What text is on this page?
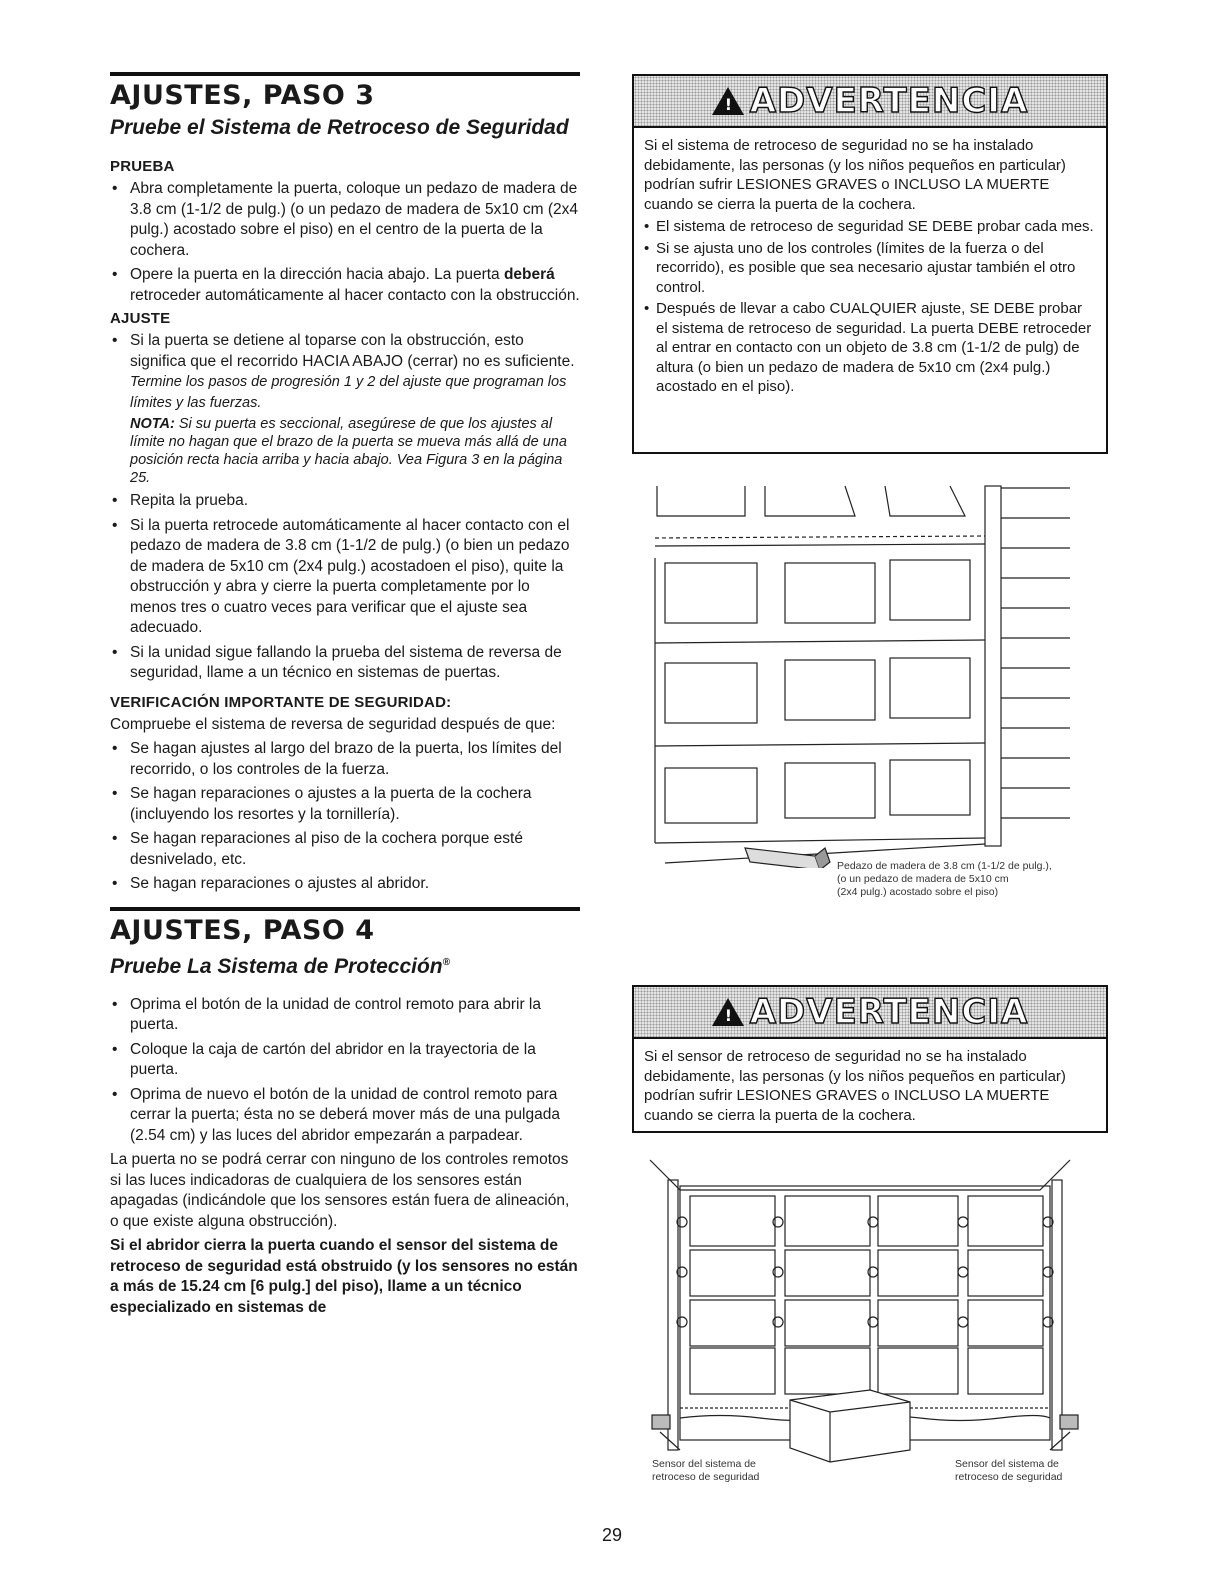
AJUSTES, PASO 3
Pruebe el Sistema de Retroceso de Seguridad
PRUEBA
• Abra completamente la puerta, coloque un pedazo de madera de 3.8 cm (1-1/2 de pulg.) (o un pedazo de madera de 5x10 cm (2x4 pulg.) acostado sobre el piso) en el centro de la puerta de la cochera.
• Opere la puerta en la dirección hacia abajo. La puerta deberá retroceder automáticamente al hacer contacto con la obstrucción.
AJUSTE
• Si la puerta se detiene al toparse con la obstrucción, esto significa que el recorrido HACIA ABAJO (cerrar) no es suficiente. Termine los pasos de progresión 1 y 2 del ajuste que programan los límites y las fuerzas.
NOTA: Si su puerta es seccional, asegúrese de que los ajustes al límite no hagan que el brazo de la puerta se mueva más allá de una posición recta hacia arriba y hacia abajo. Vea Figura 3 en la página 25.
• Repita la prueba.
• Si la puerta retrocede automáticamente al hacer contacto con el pedazo de madera de 3.8 cm (1-1/2 de pulg.) (o bien un pedazo de madera de 5x10 cm (2x4 pulg.) acostadoen el piso), quite la obstrucción y abra y cierre la puerta completamente por lo menos tres o cuatro veces para verificar que el ajuste sea adecuado.
• Si la unidad sigue fallando la prueba del sistema de reversa de seguridad, llame a un técnico en sistemas de puertas.
VERIFICACIÓN IMPORTANTE DE SEGURIDAD:

Compruebe el sistema de reversa de seguridad después de que:

• Se hagan ajustes al largo del brazo de la puerta, los límites del recorrido, o los controles de la fuerza.
• Se hagan reparaciones o ajustes a la puerta de la cochera (incluyendo los resortes y la tornillería).
• Se hagan reparaciones al piso de la cochera porque esté desnivelado, etc.
• Se hagan reparaciones o ajustes al abridor.
AJUSTES, PASO 4
Pruebe La Sistema de Protección®
• Oprima el botón de la unidad de control remoto para abrir la puerta.
• Coloque la caja de cartón del abridor en la trayectoria de la puerta.
• Oprima de nuevo el botón de la unidad de control remoto para cerrar la puerta; ésta no se deberá mover más de una pulgada (2.54 cm) y las luces del abridor empezarán a parpadear.

La puerta no se podrá cerrar con ninguno de los controles remotos si las luces indicadoras de cualquiera de los sensores están apagadas (indicándole que los sensores están fuera de alineación, o que existe alguna obstrucción).

Si el abridor cierra la puerta cuando el sensor del sistema de retroceso de seguridad está obstruido (y los sensores no están a más de 15.24 cm [6 pulg.] del piso), llame a un técnico especializado en sistemas de

!
ADVERTENCIA

Si el sistema de retroceso de seguridad no se ha instalado debidamente, las personas (y los niños pequeños en particular) podrían sufrir LESIONES GRAVES o INCLUSO LA MUERTE cuando se cierra la puerta de la cochera.

• El sistema de retroceso de seguridad SE DEBE probar cada mes.
• Si se ajusta uno de los controles (límites de la fuerza o del recorrido), es posible que sea necesario ajustar también el otro control.
• Después de llevar a cabo CUALQUIER ajuste, SE DEBE probar el sistema de retroceso de seguridad. La puerta DEBE retroceder al entrar en contacto con un objeto de 3.8 cm (1-1/2 de pulg) de altura (o bien un pedazo de madera de 5x10 cm (2x4 pulg.) acostado en el piso).
Pedazo de madera de 3.8 cm (1-1/2 de pulg.),
(o un pedazo de madera de 5x10 cm
(2x4 pulg.) acostado sobre el piso)
!
ADVERTENCIA

Si el sensor de retroceso de seguridad no se ha instalado debidamente, las personas (y los niños pequeños en particular) podrían sufrir LESIONES GRAVES o INCLUSO LA MUERTE cuando se cierra la puerta de la cochera.

Sensor del sistema de
retroceso de seguridad
Sensor del sistema de
retroceso de seguridad
29
